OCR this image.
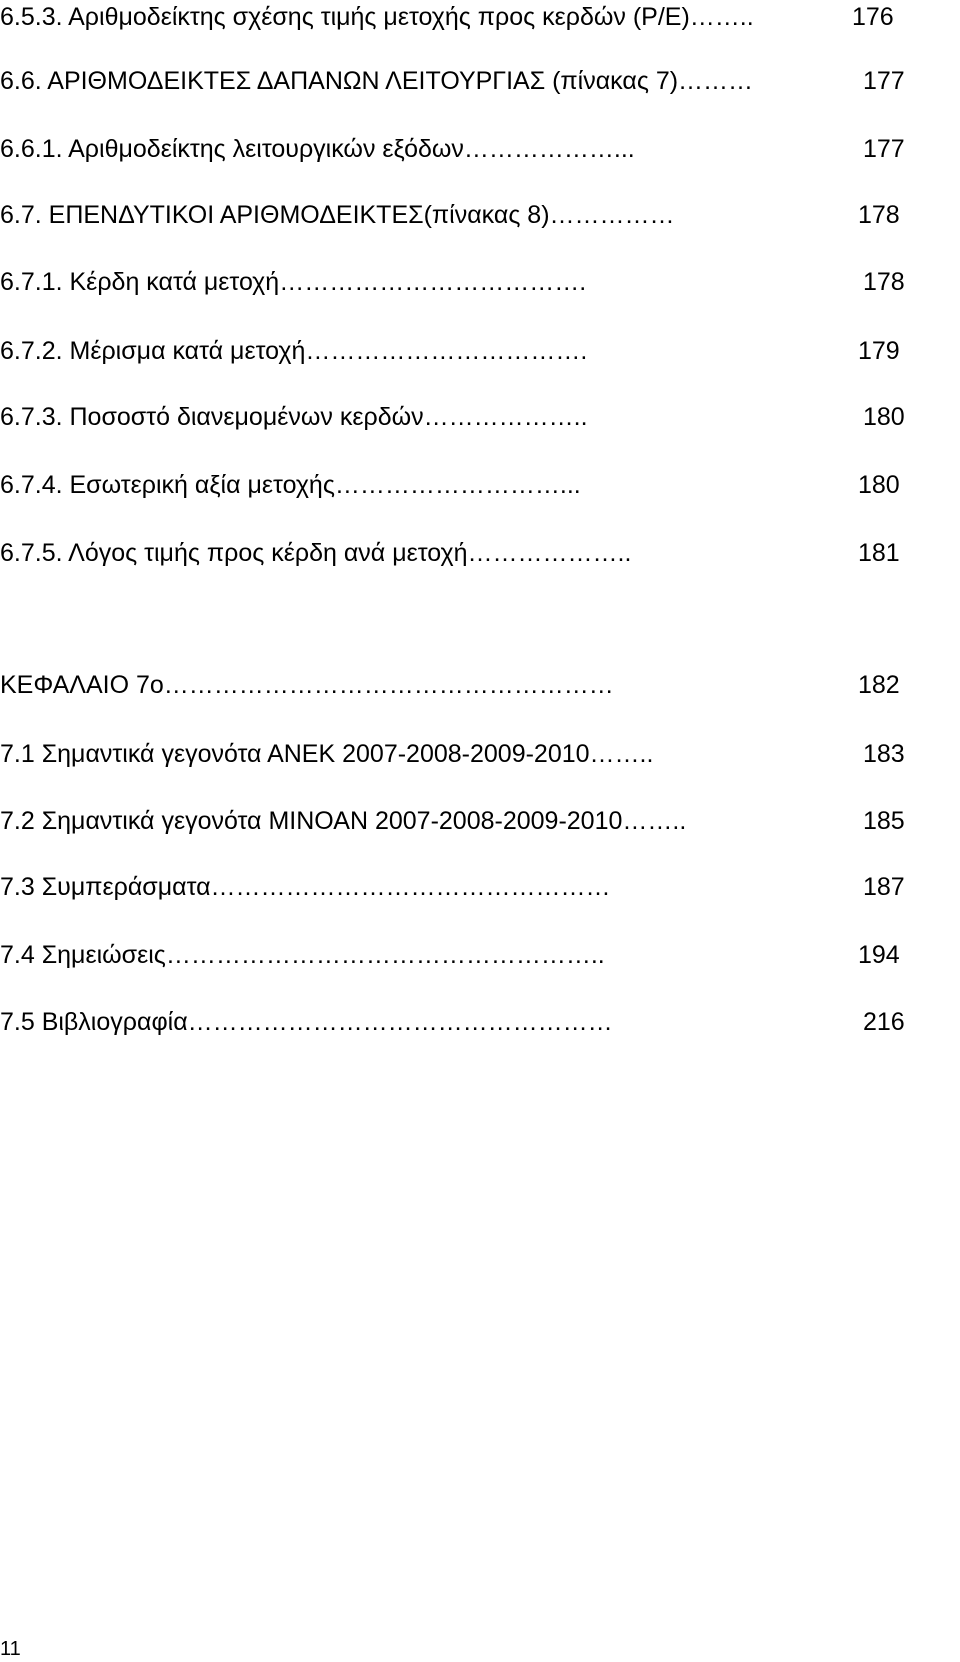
6.5.3. Αριθμοδείκτης σχέσης τιμής μετοχής προς κερδών (P/E)……..	176
6.6. ΑΡΙΘΜΟΔΕΙΚΤΕΣ ΔΑΠΑΝΩΝ ΛΕΙΤΟΥΡΓΙΑΣ (πίνακας 7)………	177
6.6.1. Αριθμοδείκτης λειτουργικών εξόδων………………...	177
6.7. ΕΠΕΝΔΥΤΙΚΟΙ ΑΡΙΘΜΟΔΕΙΚΤΕΣ(πίνακας 8)……………	178
6.7.1. Κέρδη κατά μετοχή……………………………….	178
6.7.2. Μέρισμα κατά μετοχή…………………………….	179
6.7.3. Ποσοστό διανεμομένων κερδών………………..	180
6.7.4. Εσωτερική αξία μετοχής………………………...	180
6.7.5. Λόγος τιμής προς κέρδη ανά μετοχή………………..	181
ΚΕΦΑΛΑΙΟ 7ο………………………………………………	182
7.1 Σημαντικά γεγονότα ΑΝΕΚ 2007-2008-2009-2010……..	183
7.2 Σημαντικά γεγονότα ΜΙΝΟΑΝ 2007-2008-2009-2010……..	185
7.3 Συμπεράσματα…………………………………………	187
7.4 Σημειώσεις……………………………………………..	194
7.5 Βιβλιογραφία……………………………………………	216
11
